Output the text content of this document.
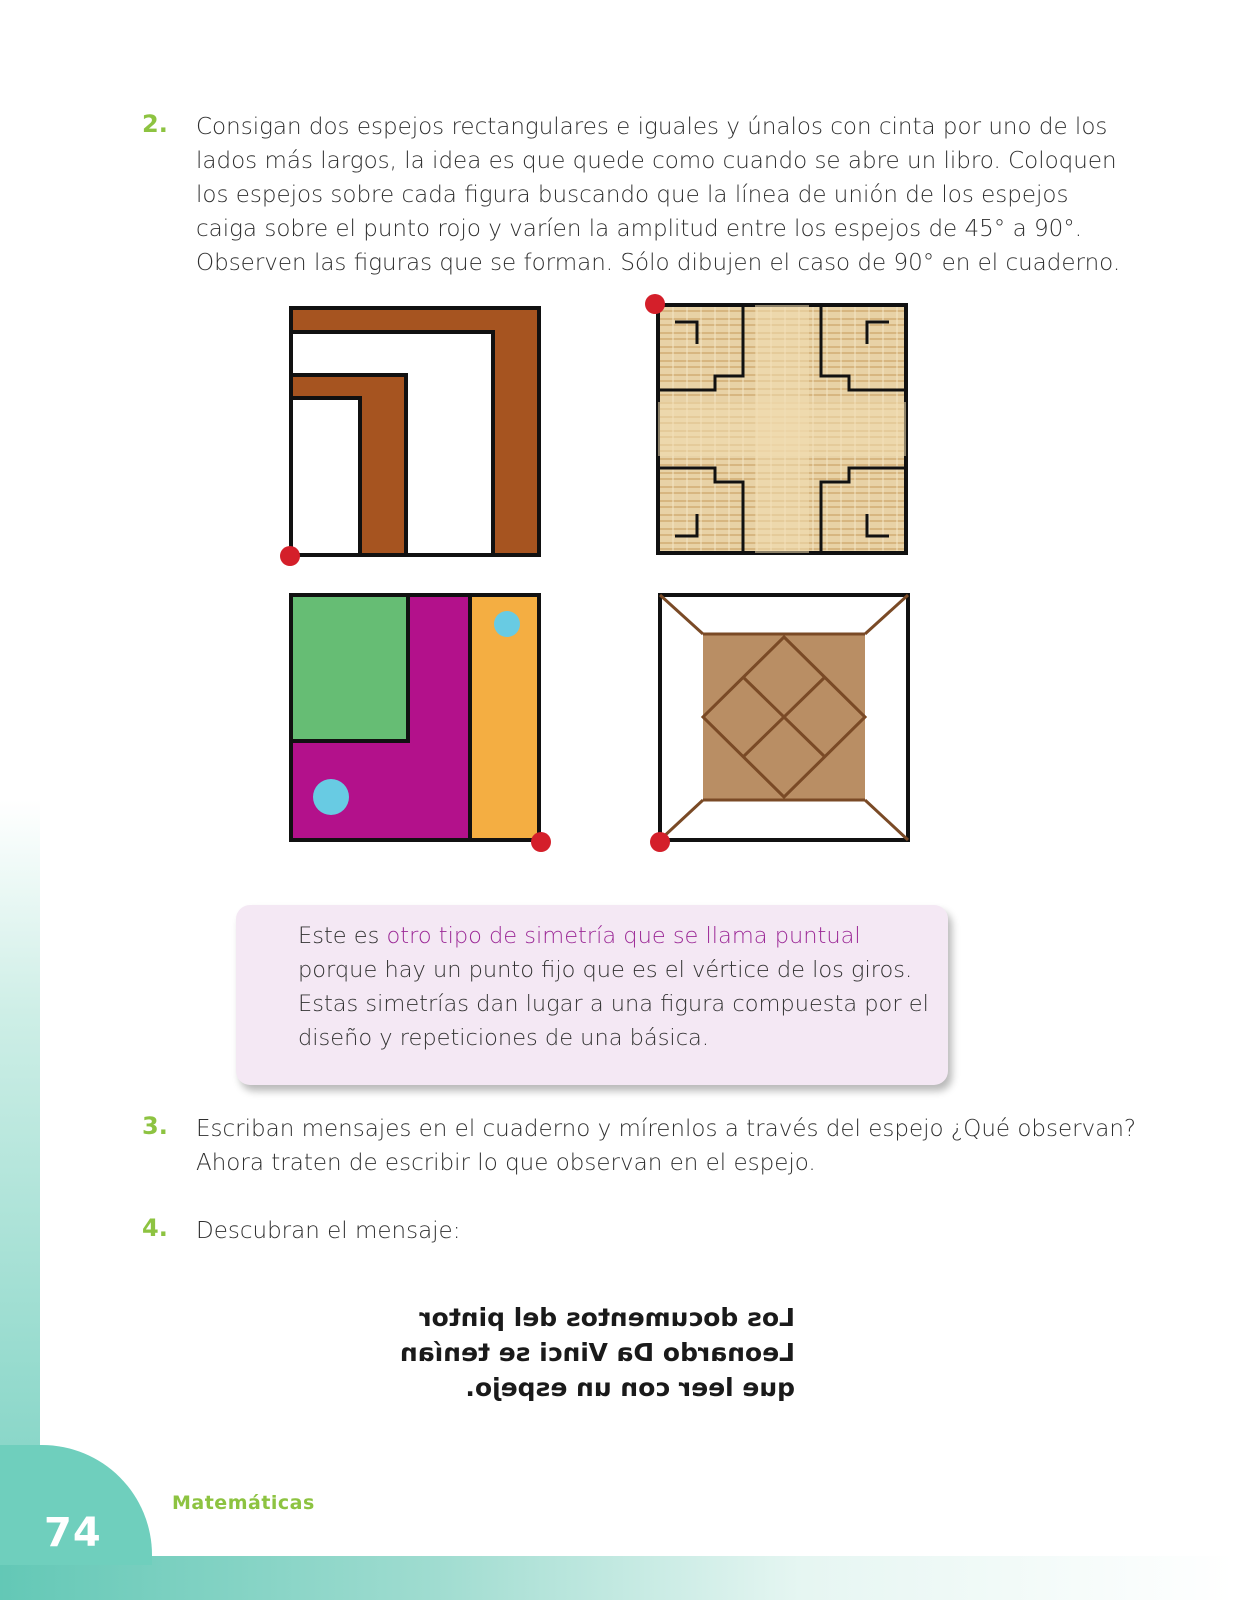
2. Consigan dos espejos rectangulares e iguales y únalos con cinta por uno de los
lados más largos, la idea es que quede como cuando se abre un libro. Coloquen
los espejos sobre cada figura buscando que la línea de unión de los espejos
caiga sobre el punto rojo y varíen la amplitud entre los espejos de 45° a 90°.
Observen las figuras que se forman. Sólo dibujen el caso de 90° en el cuaderno.
Este es otro tipo de simetría que se llama puntual
porque hay un punto fijo que es el vértice de los giros.
Estas simetrías dan lugar a una figura compuesta por el
diseño y repeticiones de una básica.
3. Escriban mensajes en el cuaderno y mírenlos a través del espejo ¿Qué observan?
Ahora traten de escribir lo que observan en el espejo.
4. Descubran el mensaje:
Los documentos del pintor
Leonardo Da Vinci se tenían
que leer con un espejo.
74
Matemáticas
